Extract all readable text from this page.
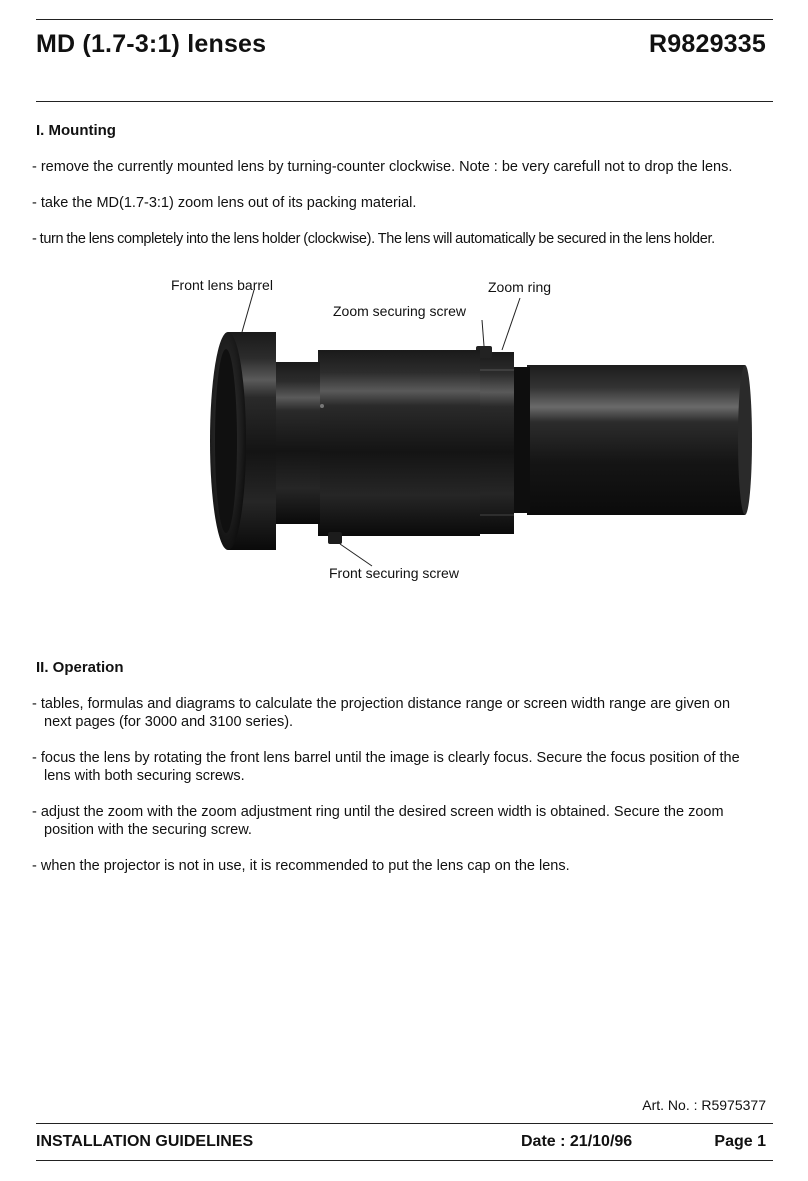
MD (1.7-3:1) lenses	R9829335
I. Mounting
- remove the currently mounted lens by turning-counter clockwise. Note : be very carefull not to drop the lens.
- take the MD(1.7-3:1) zoom lens out of its packing material.
- turn the lens completely into the lens holder (clockwise). The lens will automatically be secured in the lens holder.
Front lens barrel	Zoom ring
Zoom securing screw
Front securing screw
II. Operation
- tables, formulas and diagrams to calculate the projection distance range or screen width range are given on
next pages (for 3000 and 3100 series).
- focus the lens by rotating the front lens barrel until the image is clearly focus. Secure the focus position of the
lens with both securing screws.
- adjust the zoom with the zoom adjustment ring until the desired screen width is obtained. Secure the zoom
position with the securing screw.
- when the projector is not in use, it is recommended to put the lens cap on the lens.
Art. No. : R5975377
INSTALLATION GUIDELINES	Date : 21/10/96	Page 1
